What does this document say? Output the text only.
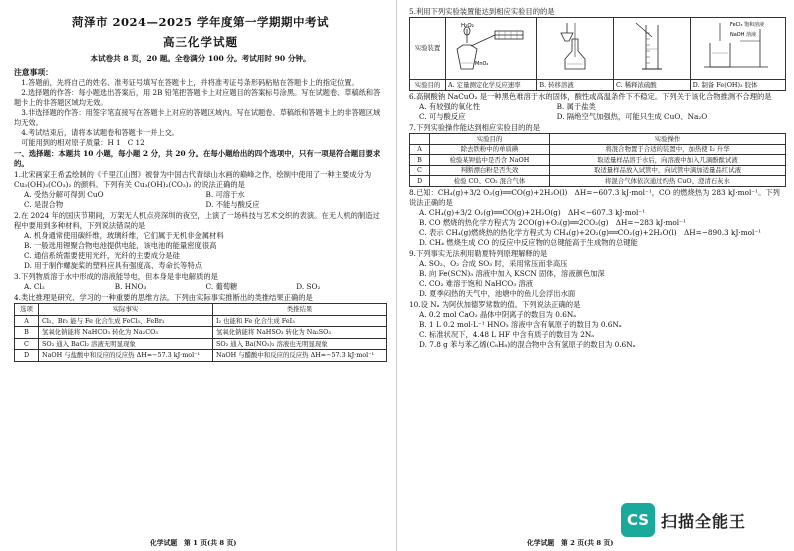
菏泽市 2024—2025 学年度第一学期期中考试
高三化学试题
本试卷共 8 页，20 题。全卷满分 100 分。考试用时 90 分钟。
注意事项：
1.答题前，先将自己的姓名、准考证号填写在答题卡上，并将准考证号条形码粘贴在答题卡上的指定位置。
2.选择题的作答：每小题选出答案后，用 2B 铅笔把答题卡上对应题目的答案标号涂黑。写在试题卷、草稿纸和答题卡上的非答题区域均无效。
3.非选择题的作答：用签字笔直接写在答题卡上对应的答题区域内。写在试题卷、草稿纸和答题卡上的非答题区域均无效。
4.考试结束后，请将本试题卷和答题卡一并上交。
可能用到的相对原子质量：H 1　C 12
一、选择题：本题共 10 小题，每小题 2 分，共 20 分。在每小题给出的四个选项中，只有一项是符合题目要求的。
1.北宋画家王希孟绘制的《千里江山图》被誉为中国古代青绿山水画的巅峰之作，绘制中使用了一种主要成分为 Cu₃(OH)₂(CO₃)₂ 的颜料。下列有关 Cu₃(OH)₂(CO₃)₂ 的说法正确的是
A. 受热分解可得到 CuO	B. 可溶于水
C. 是混合物	D. 不能与酸反应
2.在 2024 年的国庆节期间，万架无人机点亮深圳的夜空，上演了一场科技与艺术交织的表演。在无人机的制造过程中要用到多种材料，下列说法错误的是
A. 机身通常使用碳纤维，玻璃纤维，它们属于无机非金属材料
B. 一般选用锂聚合物电池提供电能，该电池的能量密度很高
C. 通信系统需要使用光纤，光纤的主要成分是硅
D. 用于制作螺旋桨的塑料应具有强度高、寿命长等特点
3.下列物质溶于水中形成的溶液能导电，但本身是非电解质的是
A. Cl₂	B. HNO₃	C. 葡萄糖	D. SO₂
4.类比推理是研究、学习的一种重要的思维方法。下列由实际事实推断出的类推结果正确的是
选项	实际事实	类推结果
A	Cl₂、Br₂ 能与 Fe 化合生成 FeCl₃、FeBr₃	I₂ 也能和 Fe 化合生成 FeI₃
B	氢氧化钠能将 NaHCO₃ 转化为 Na₂CO₃	氢氧化钠能将 NaHSO₃ 转化为 Na₂SO₃
C	SO₂ 通入 BaCl₂ 溶液无明显现象	SO₂ 通入 Ba(NO₃)₂ 溶液也无明显现象
D	NaOH 与盐酸中和反应的反应热 ΔH=−57.3 kJ·mol⁻¹	NaOH 与醋酸中和反应的反应热 ΔH=−57.3 kJ·mol⁻¹
化学试题　第 1 页(共 8 页)
5.利用下列实验装置能达到相应实验目的的是
实验装置	H₂O₂
MnO₂			FeCl₃ 饱和溶液
NaOH 溶液

实验目的	A. 定量测定化学反应速率	B. 转移溶液	C. 稀释浓硫酸	D. 制备 Fe(OH)₃ 胶体
6.高铜酸钠 NaCuO₂ 是一种黑色难溶于水的固体，酸性或高温条件下不稳定。下列关于该化合物推测不合理的是
A. 有较强的氧化性	B. 属于盐类
C. 可与酸反应	D. 隔绝空气加强热，可能只生成 CuO、Na₂O
7.下列实验操作能达到相应实验目的的是
	实验目的	实验操作
A	除去铁粉中的单质碘	将混合物置于合适的装置中，加热使 I₂ 升华
B	检验某钾盐中是否含 NaOH	取适量样品溶于水后，向溶液中加入几滴酚酞试液
C	判断漂白粉是否失效	取适量样品放入试管中，向试管中滴加适量品红试液
D	检验 CO、CO₂ 混合气体	将混合气体依次通过灼热 CuO、澄清石灰水
8.已知：CH₄(g)+3/2 O₂(g)══CO(g)+2H₂O(l)　ΔH=−607.3 kJ·mol⁻¹，CO 的燃烧热为 283 kJ·mol⁻¹。下列说法正确的是
A. CH₄(g)+3/2 O₂(g)══CO(g)+2H₂O(g)　ΔH<−607.3 kJ·mol⁻¹
B. CO 燃烧的热化学方程式为 2CO(g)+O₂(g)══2CO₂(g)　ΔH=−283 kJ·mol⁻¹
C. 表示 CH₄(g)燃烧热的热化学方程式为 CH₄(g)+2O₂(g)══CO₂(g)+2H₂O(l)　ΔH=−890.3 kJ·mol⁻¹
D. CH₄ 燃烧生成 CO 的反应中反应物的总键能高于生成物的总键能
9.下列事实无法利用勒夏特列原理解释的是
A. SO₂、O₂ 合成 SO₃ 时，采用常压而非高压
B. 向 Fe(SCN)₃ 溶液中加入 KSCN 固体，溶液颜色加深
C. CO₂ 难溶于饱和 NaHCO₃ 溶液
D. 夏季闷热的天气中，池塘中的鱼儿会浮出水面
10.设 Nₐ 为阿伏加德罗常数的值。下列说法正确的是
A. 0.2 mol CaO₂ 晶体中阴离子的数目为 0.6Nₐ
B. 1 L 0.2 mol·L⁻¹ HNO₃ 溶液中含有氧原子的数目为 0.6Nₐ
C. 标准状况下，4.48 L HF 中含有质子的数目为 2Nₐ
D. 7.8 g 苯与苯乙烯(C₈H₈)的混合物中含有氢原子的数目为 0.6Nₐ
化学试题　第 2 页(共 8 页)
CS 扫描全能王
